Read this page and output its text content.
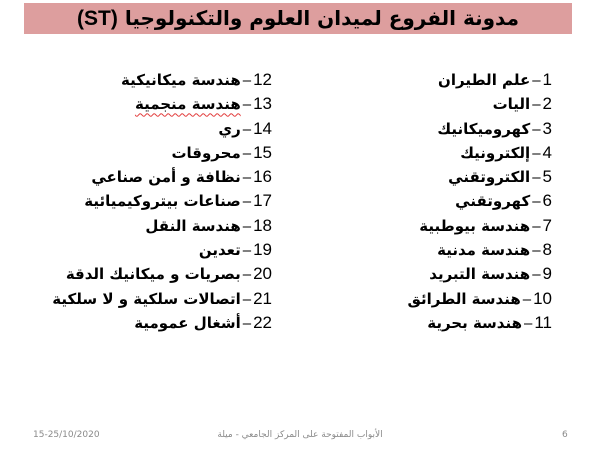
مدونة الفروع لميدان العلوم والتكنولوجيا (ST)
1–علم الطيران
2–اليات
3–كهروميكانيك
4–إلكترونيك
5–الكتروتقني
6–كهروتقني
7–هندسة بيوطبية
8–هندسة مدنية
9–هندسة التبريد
10–هندسة الطرائق
11–هندسة بحرية
12–هندسة ميكانيكية
13–هندسة منجمية
14–ري
15–محروقات
16–نظافة و أمن صناعي
17–صناعات بيتروكيميائية
18–هندسة النقل
19–تعدين
20–بصريات و ميكانيك الدقة
21–اتصالات سلكية و لا سلكية
22–أشغال عمومية
15-25/10/2020	الأبواب المفتوحة على المركز الجامعي - ميلة	6
